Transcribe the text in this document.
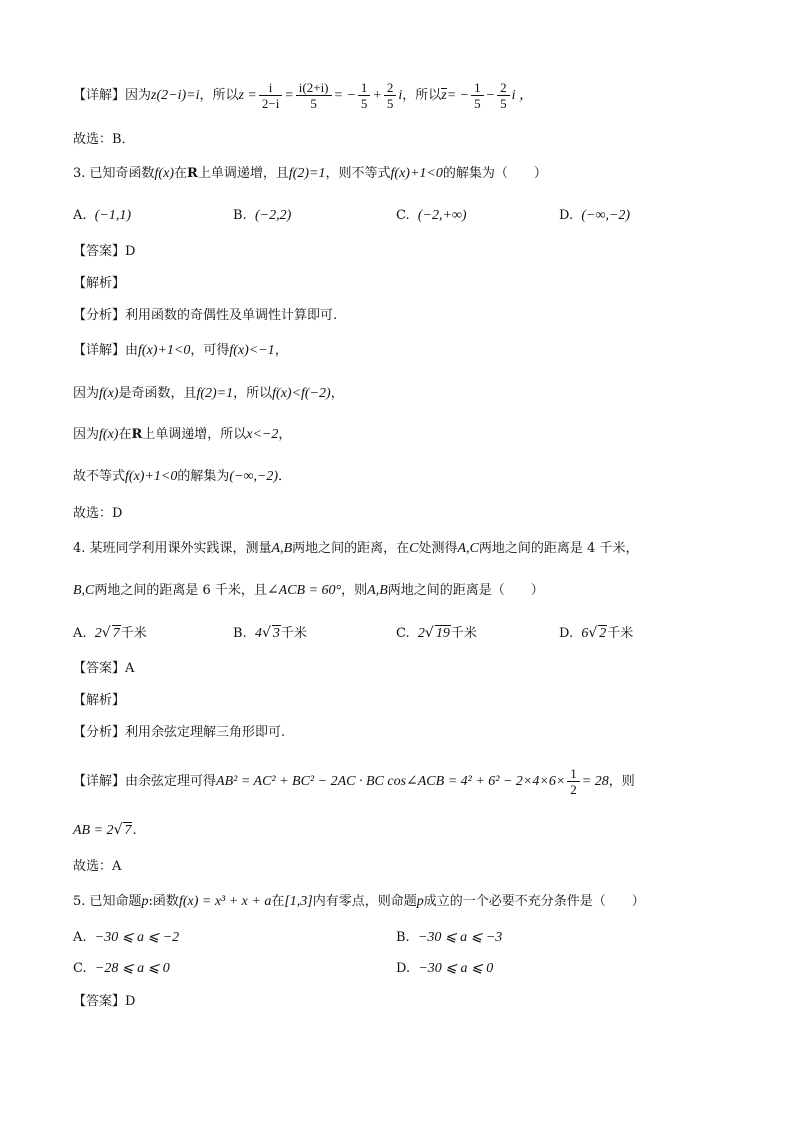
【详解】因为z(2−i)=i，所以$z = \frac{i}{2-i} = \frac{i(2+i)}{5}$ = − $\frac{1}{5} + \frac{2}{5}$ i，所以$z= - \frac{1}{5} - \frac{2}{5}$ i ，
故选：B．
3. 已知奇函数f(x)在R上单调递增，且f(2)=1，则不等式f(x)+1<0的解集为（　　）
A. (−1,1)	B. (−2,2)	C. (−2,+∞)	D. (−∞,−2)
【答案】D
【解析】
【分析】利用函数的奇偶性及单调性计算即可.
【详解】由f(x)+1<0，可得f(x)<−1，
因为f(x)是奇函数，且f(2)=1，所以f(x)<f(−2)，
因为f(x)在R上单调递增，所以x<−2，
故不等式f(x)+1<0的解集为(−∞,−2)．
故选：D
4. 某班同学利用课外实践课，测量A,B两地之间的距离，在C处测得A,C两地之间的距离是 4 千米，
B,C两地之间的距离是 6 千米，且∠ACB = 60°，则A,B两地之间的距离是（　　）
A. 2√ 7千米	B. 4√ 3千米	C. 2√ 19千米	D. 6√ 2千米
【答案】A
【解析】
【分析】利用余弦定理解三角形即可.
【详解】由余弦定理可得AB² = AC² + BC² − 2AC · BC cos∠ACB = $4^2 + 6^2 - 2\times 4\times 6\times \frac{1}{2} = 28$，则
AB = 2√ 7.
故选：A
5. 已知命题p:函数f(x) = x³ + x + a在[1,3]内有零点，则命题p成立的一个必要不充分条件是（　　）
A. −30 ⩽ a ⩽ −2	B. −30 ⩽ a ⩽ −3
C. −28 ⩽ a ⩽ 0	D. −30 ⩽ a ⩽ 0
【答案】D
